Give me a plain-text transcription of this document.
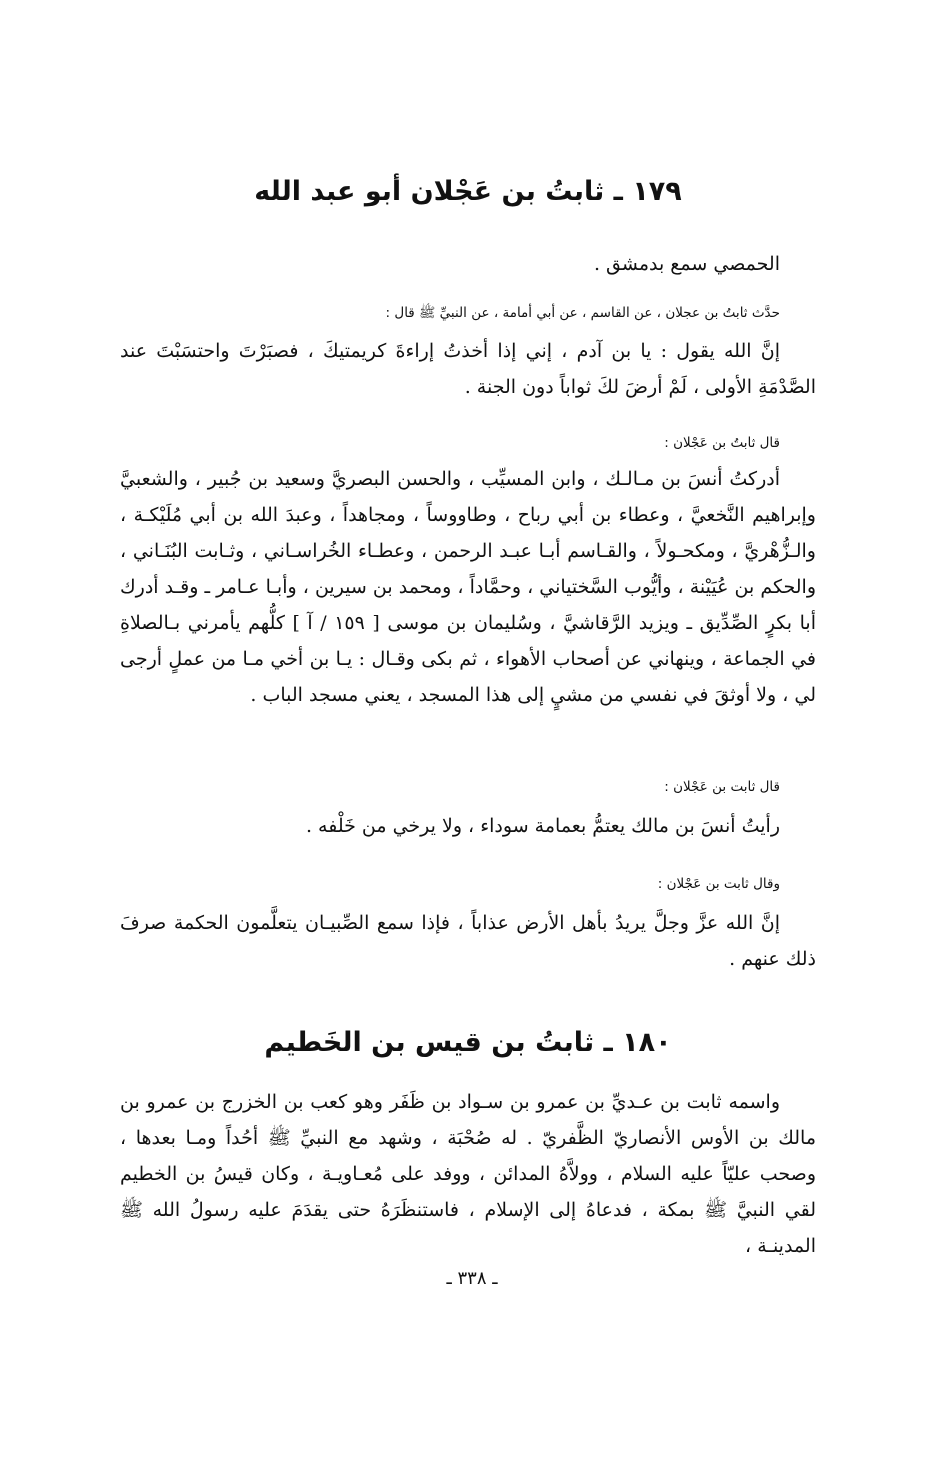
١٧٩ ـ ثابتُ بن عَجْلان أبو عبد الله

الحمصي سمع بدمشق .

حدَّث ثابتُ بن عجلان ، عن القاسم ، عن أبي أمامة ، عن النبيِّ ﷺ قال :

إنَّ الله يقول : يا بن آدم ، إني إذا أخذتُ إراءةَ كريمتيكَ ، فصبَرْتَ واحتسَبْتَ عند الصَّدْمَةِ الأولى ، لَمْ أرضَ لكَ ثواباً دون الجنة .

قال ثابتُ بن عَجْلان :

أدركتُ أنسَ بن مـالـك ، وابن المسيِّب ، والحسن البصريَّ وسعيد بن جُبير ، والشعبيَّ وإبراهيم النَّخعيَّ ، وعطاء بن أبي رباح ، وطاووساً ، ومجاهداً ، وعبدَ الله بن أبي مُلَيْكـة ، والـزُّهْريَّ ، ومكحـولاً ، والقـاسم أبـا عبـد الرحمن ، وعطـاء الخُراسـاني ، وثـابت البُنَـاني ، والحكم بن عُيَيْنة ، وأيُّوب السَّختياني ، وحمَّاداً ، ومحمد بن سيرين ، وأبـا عـامر ـ وقـد أدرك أبا بكرٍ الصِّدِّيق ـ ويزيد الرَّقاشيَّ ، وسُليمان بن موسى [ ١٥٩ / آ ] كلُّهم يأمرني بـالصلاةِ في الجماعة ، وينهاني عن أصحاب الأهواء ، ثم بكى وقـال : يـا بن أخي مـا من عملٍ أرجى لي ، ولا أوثقَ في نفسي من مشيٍ إلى هذا المسجد ، يعني مسجد الباب .

قال ثابت بن عَجْلان :

رأيتُ أنسَ بن مالك يعتمُّ بعمامة سوداء ، ولا يرخي من خَلْفه .

وقال ثابت بن عَجْلان :

إنَّ الله عزَّ وجلَّ يريدُ بأهل الأرض عذاباً ، فإذا سمع الصِّبيـان يتعلَّمون الحكمة صرفَ ذلك عنهم .

١٨٠ ـ ثابتُ بن قيس بن الخَطيم

واسمه ثابت بن عـديِّ بن عمرو بن سـواد بن ظَفَر وهو كعب بن الخزرج بن عمرو بن مالك بن الأوس الأنصاريّ الظَّفريّ . له صُحْبَة ، وشهد مع النبيِّ ﷺ أحُداً ومـا بعدها ، وصحب عليّاً عليه السلام ، وولاَّهُ المدائن ، ووفد على مُعـاويـة ، وكان قيسُ بن الخطيم لقي النبيَّ ﷺ بمكة ، فدعاهُ إلى الإسلام ، فاستنظَرَهُ حتى يقدَمَ عليه رسولُ الله ﷺ المدينـة ،

ـ ٣٣٨ ـ
